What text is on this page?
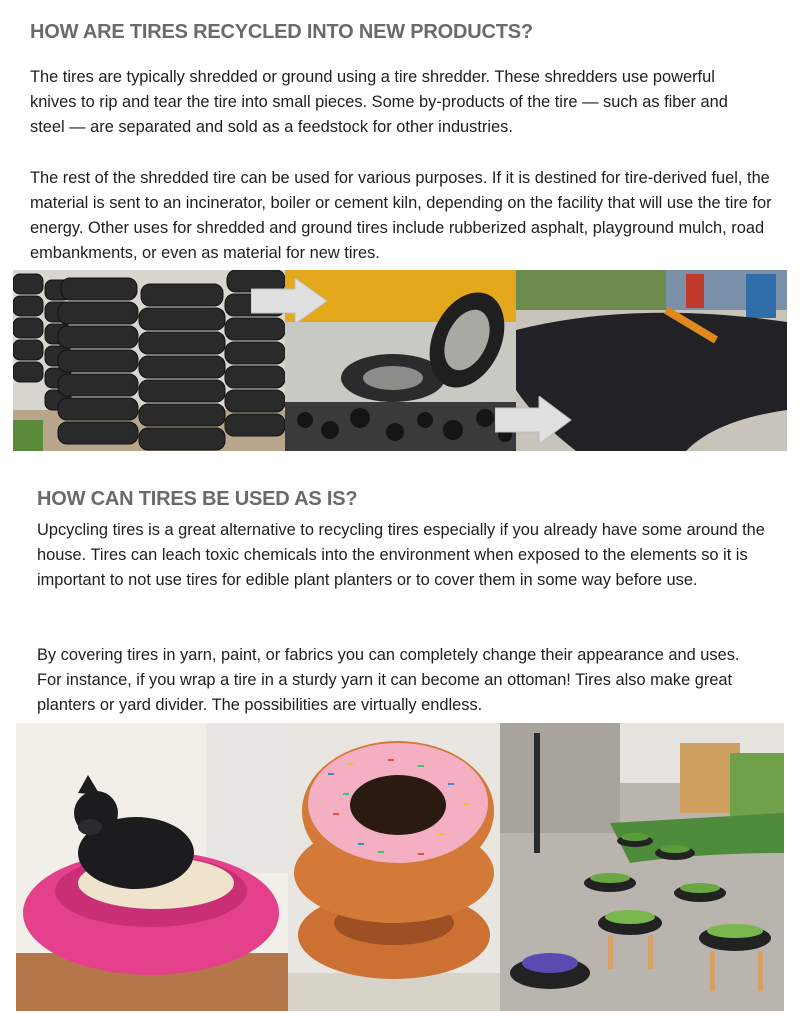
HOW ARE TIRES RECYCLED INTO NEW PRODUCTS?

The tires are typically shredded or ground using a tire shredder. These shredders use powerful knives to rip and tear the tire into small pieces. Some by-products of the tire — such as fiber and steel — are separated and sold as a feedstock for other industries.

The rest of the shredded tire can be used for various purposes. If it is destined for tire-derived fuel, the material is sent to an incinerator, boiler or cement kiln, depending on the facility that will use the tire for energy. Other uses for shredded and ground tires include rubberized asphalt, playground mulch, road embankments, or even as material for new tires.

HOW CAN TIRES BE USED AS IS?

Upcycling tires is a great alternative to recycling tires especially if you already have some around the house. Tires can leach toxic chemicals into the environment when exposed to the elements so it is important to not use tires for edible plant planters or to cover them in some way before use.

By covering tires in yarn, paint, or fabrics you can completely change their appearance and uses. For instance, if you wrap a tire in a sturdy yarn it can become an ottoman! Tires also make great planters or yard divider. The possibilities are virtually endless.
